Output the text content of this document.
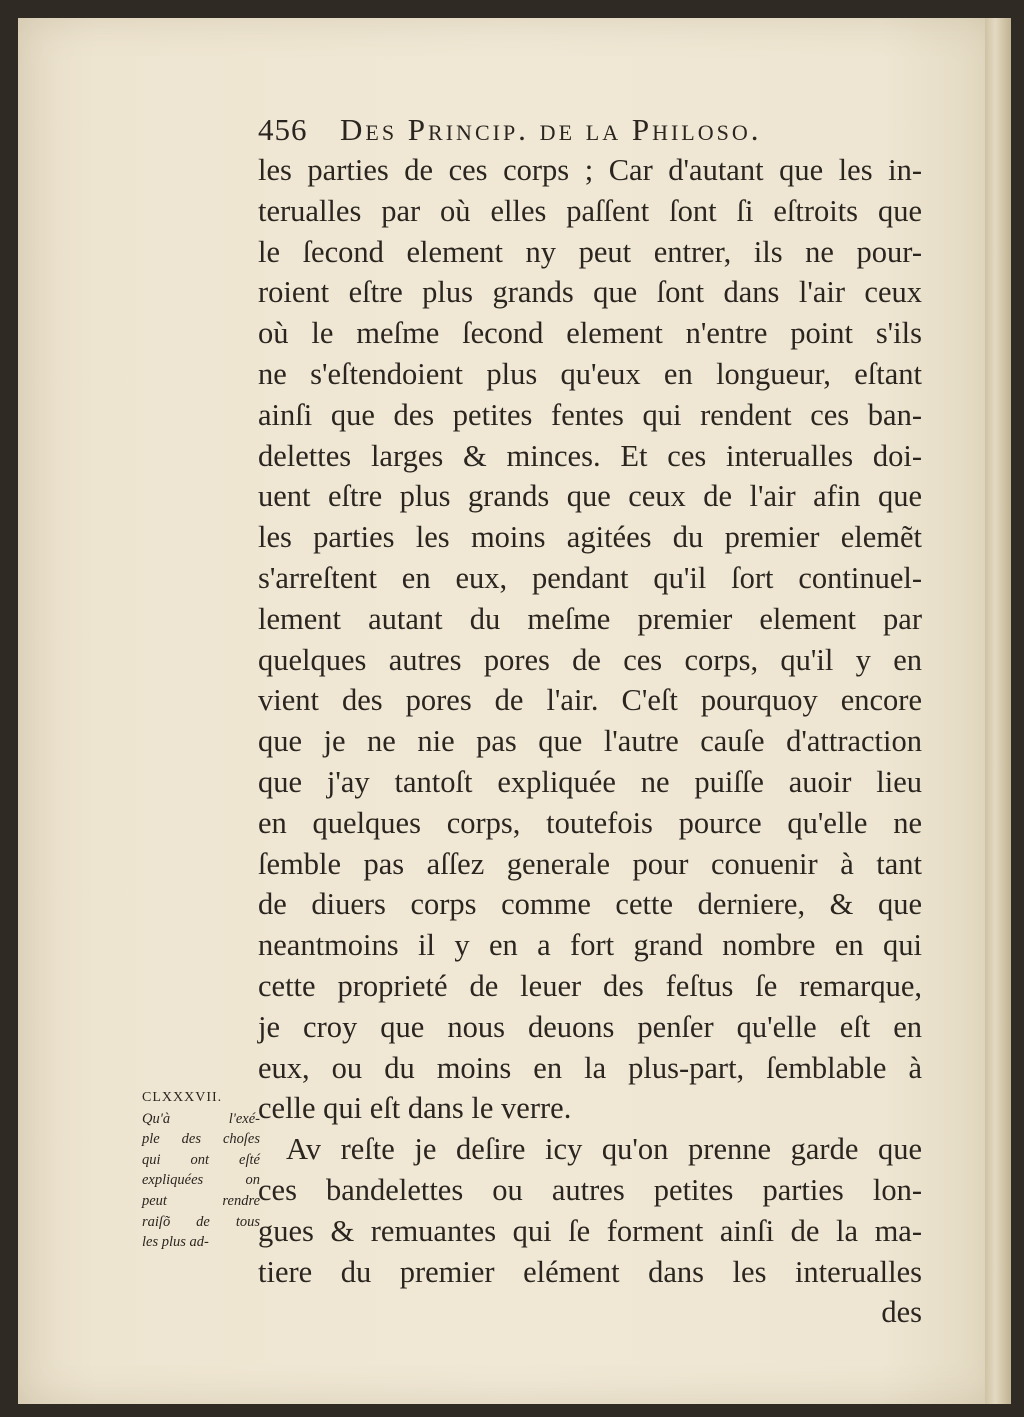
456 Des Princip. de la Philoso.
les parties de ces corps ; Car d'autant que les in-
terualles par où elles paſſent ſont ſi eſtroits que
le ſecond element ny peut entrer, ils ne pour-
roient eſtre plus grands que ſont dans l'air ceux
où le meſme ſecond element n'entre point s'ils
ne s'eſtendoient plus qu'eux en longueur, eſtant
ainſi que des petites fentes qui rendent ces ban-
delettes larges & minces. Et ces interualles doi-
uent eſtre plus grands que ceux de l'air afin que
les parties les moins agitées du premier elemẽt
s'arreſtent en eux, pendant qu'il ſort continuel-
lement autant du meſme premier element par
quelques autres pores de ces corps, qu'il y en
vient des pores de l'air. C'eſt pourquoy encore
que je ne nie pas que l'autre cauſe d'attraction
que j'ay tantoſt expliquée ne puiſſe auoir lieu
en quelques corps, toutefois pource qu'elle ne
ſemble pas aſſez generale pour conuenir à tant
de diuers corps comme cette derniere, & que
neantmoins il y en a fort grand nombre en qui
cette proprieté de leuer des feſtus ſe remarque,
je croy que nous deuons penſer qu'elle eſt en
eux, ou du moins en la plus-part, ſemblable à
celle qui eſt dans le verre.
Av reſte je deſire icy qu'on prenne garde que
ces bandelettes ou autres petites parties lon-
gues & remuantes qui ſe forment ainſi de la ma-
tiere du premier elément dans les interualles
des
CLXXXVII.
Qu'à l'exé-
ple des choſes
qui ont eſté
expliquées on
peut rendre
raiſõ de tous
les plus ad-
